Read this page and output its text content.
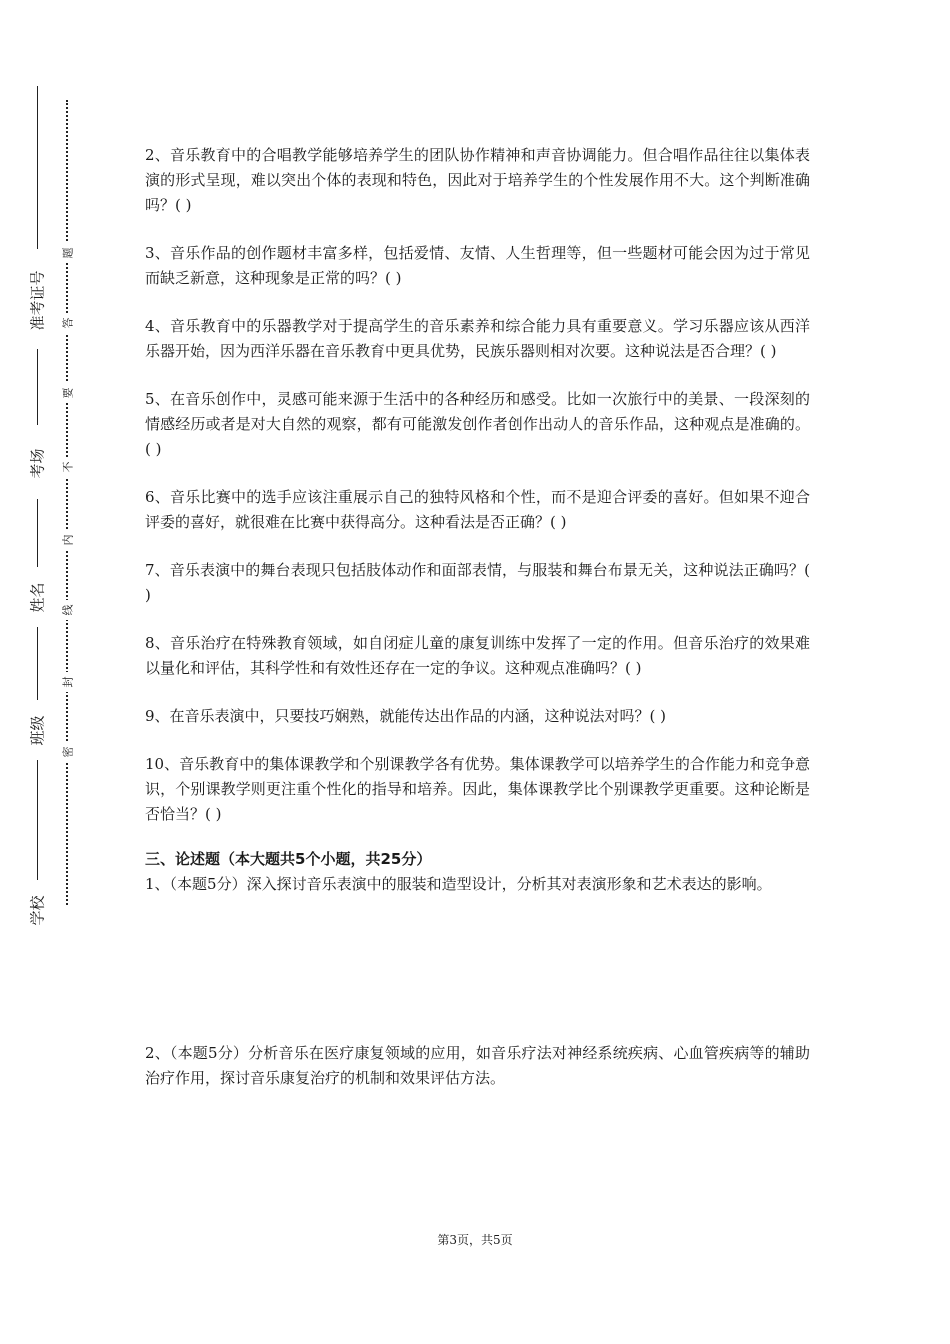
准考证号
考场
姓名
班级
学校
题
答
要
不
内
线
封
密

2、音乐教育中的合唱教学能够培养学生的团队协作精神和声音协调能力。但合唱作品往往以集体表演的形式呈现，难以突出个体的表现和特色，因此对于培养学生的个性发展作用不大。这个判断准确吗？( )

3、音乐作品的创作题材丰富多样，包括爱情、友情、人生哲理等，但一些题材可能会因为过于常见而缺乏新意，这种现象是正常的吗？( )

4、音乐教育中的乐器教学对于提高学生的音乐素养和综合能力具有重要意义。学习乐器应该从西洋乐器开始，因为西洋乐器在音乐教育中更具优势，民族乐器则相对次要。这种说法是否合理？( )

5、在音乐创作中，灵感可能来源于生活中的各种经历和感受。比如一次旅行中的美景、一段深刻的情感经历或者是对大自然的观察，都有可能激发创作者创作出动人的音乐作品，这种观点是准确的。( )

6、音乐比赛中的选手应该注重展示自己的独特风格和个性，而不是迎合评委的喜好。但如果不迎合评委的喜好，就很难在比赛中获得高分。这种看法是否正确？( )

7、音乐表演中的舞台表现只包括肢体动作和面部表情，与服装和舞台布景无关，这种说法正确吗？( )

8、音乐治疗在特殊教育领域，如自闭症儿童的康复训练中发挥了一定的作用。但音乐治疗的效果难以量化和评估，其科学性和有效性还存在一定的争议。这种观点准确吗？( )

9、在音乐表演中，只要技巧娴熟，就能传达出作品的内涵，这种说法对吗？( )

10、音乐教育中的集体课教学和个别课教学各有优势。集体课教学可以培养学生的合作能力和竞争意识，个别课教学则更注重个性化的指导和培养。因此，集体课教学比个别课教学更重要。这种论断是否恰当？( )

三、论述题（本大题共5个小题，共25分）

1、（本题5分）深入探讨音乐表演中的服装和造型设计，分析其对表演形象和艺术表达的影响。

2、（本题5分）分析音乐在医疗康复领域的应用，如音乐疗法对神经系统疾病、心血管疾病等的辅助治疗作用，探讨音乐康复治疗的机制和效果评估方法。

第3页，共5页
